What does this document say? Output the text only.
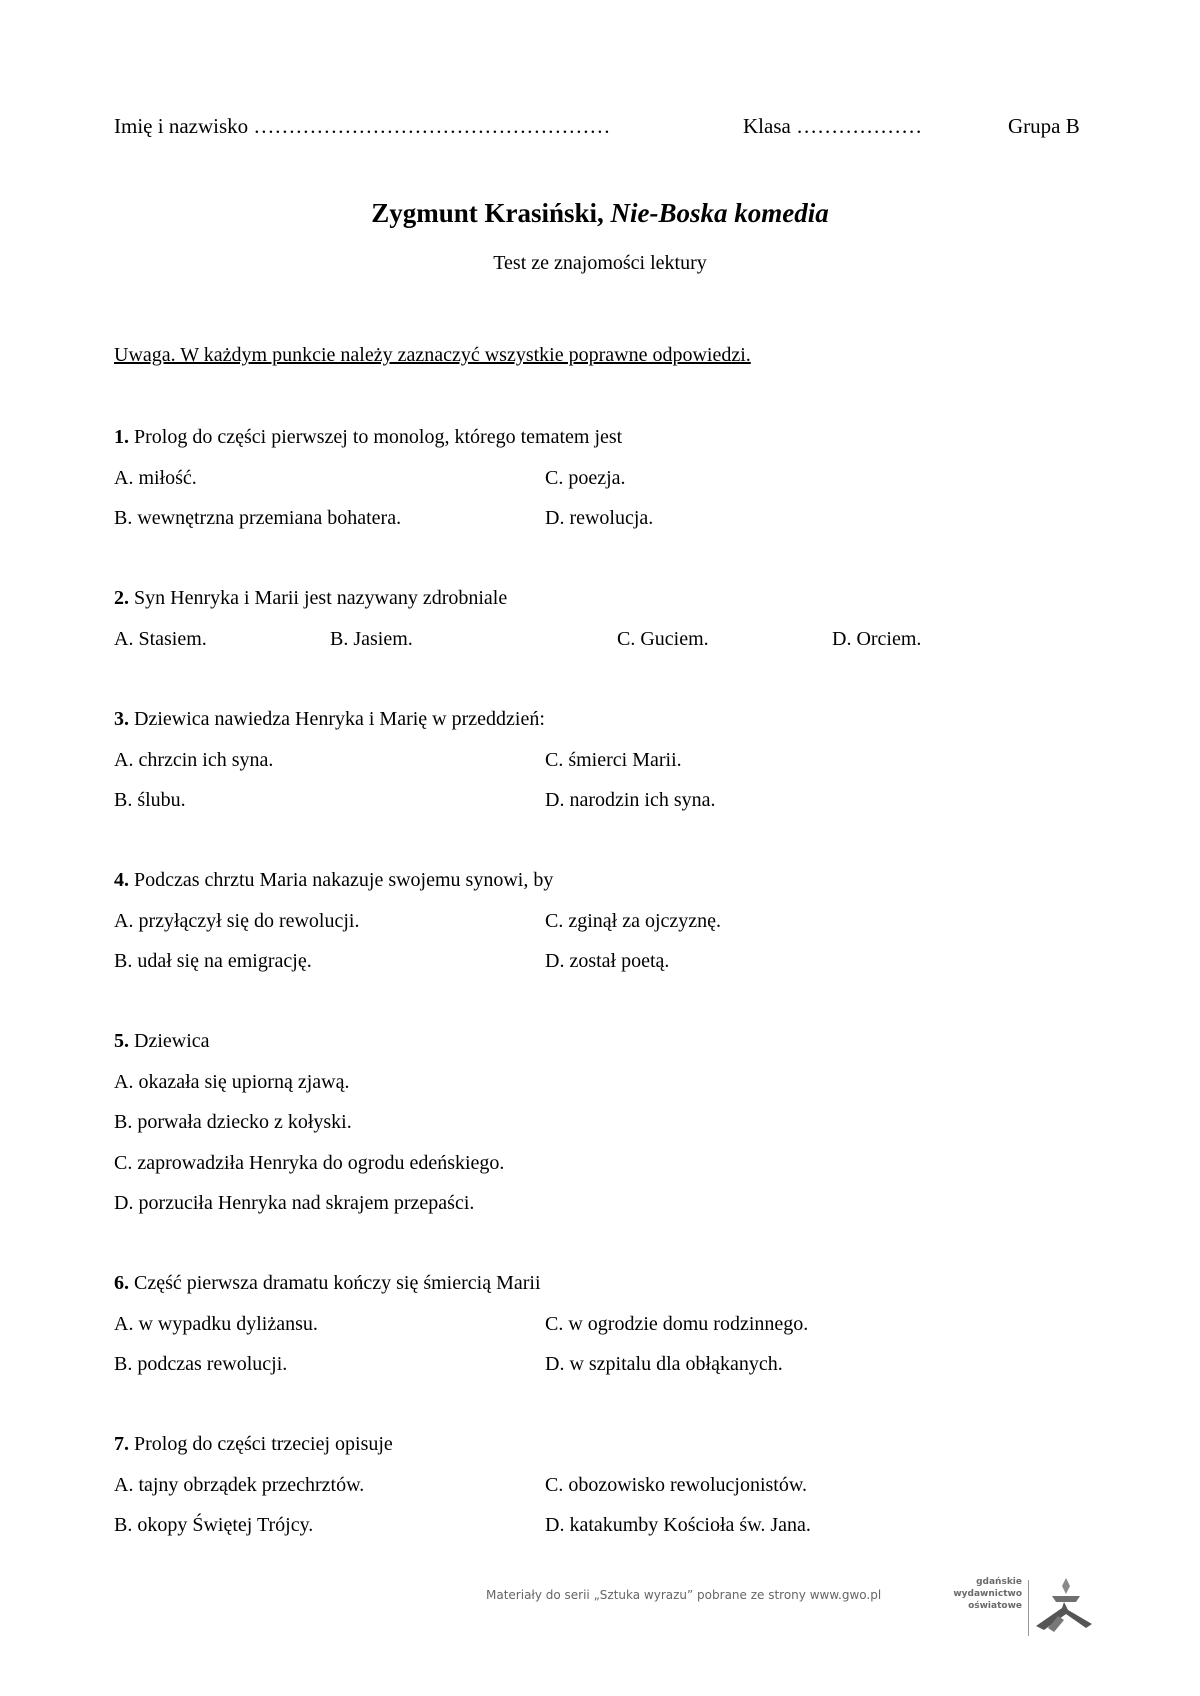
Imię i nazwisko ……………………………………………	Klasa ………………	Grupa B
Zygmunt Krasiński, Nie-Boska komedia
Test ze znajomości lektury
Uwaga. W każdym punkcie należy zaznaczyć wszystkie poprawne odpowiedzi.
1. Prolog do części pierwszej to monolog, którego tematem jest
A. miłość.
B. wewnętrzna przemiana bohatera.
C. poezja.
D. rewolucja.
2. Syn Henryka i Marii jest nazywany zdrobniale
A. Stasiem.	B. Jasiem.	C. Guciem.	D. Orciem.
3. Dziewica nawiedza Henryka i Marię w przeddzień:
A. chrzcin ich syna.
B. ślubu.
C. śmierci Marii.
D. narodzin ich syna.
4. Podczas chrztu Maria nakazuje swojemu synowi, by
A. przyłączył się do rewolucji.
B. udał się na emigrację.
C. zginął za ojczyznę.
D. został poetą.
5. Dziewica
A. okazała się upiorną zjawą.
B. porwała dziecko z kołyski.
C. zaprowadziła Henryka do ogrodu edeńskiego.
D. porzuciła Henryka nad skrajem przepaści.
6. Część pierwsza dramatu kończy się śmiercią Marii
A. w wypadku dyliżansu.
B. podczas rewolucji.
C. w ogrodzie domu rodzinnego.
D. w szpitalu dla obłąkanych.
7. Prolog do części trzeciej opisuje
A. tajny obrządek przechrztów.
B. okopy Świętej Trójcy.
C. obozowisko rewolucjonistów.
D. katakumby Kościoła św. Jana.
Materiały do serii „Sztuka wyrazu” pobrane ze strony www.gwo.pl
gdańskie
wydawnictwo
oświatowe
